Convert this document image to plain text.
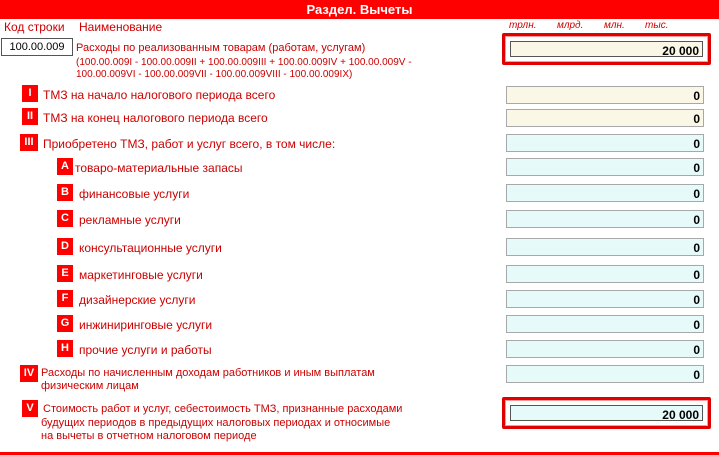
Раздел. Вычеты
Код строки Наименование	трлн. млрд. млн. тыс.
100.00.009	Расходы по реализованным товарам (работам, услугам)
(100.00.009I - 100.00.009II + 100.00.009III + 100.00.009IV + 100.00.009V -
100.00.009VI - 100.00.009VII - 100.00.009VIII - 100.00.009IX)
20 000
I ТМЗ на начало налогового периода всего	0
II ТМЗ на конец налогового периода всего	0
III Приобретено ТМЗ, работ и услуг всего, в том числе:	0
A товаро-материальные запасы	0
B финансовые услуги	0
C рекламные услуги	0
D консультационные услуги	0
E маркетинговые услуги	0
F дизайнерские услуги	0
G инжиниринговые услуги	0
H прочие услуги и работы	0
IV Расходы по начисленным доходам работников и иным выплатам
физическим лицам
0
V Стоимость работ и услуг, себестоимость ТМЗ, признанные расходами
будущих периодов в предыдущих налоговых периодах и относимые
на вычеты в отчетном налоговом периоде
20 000
